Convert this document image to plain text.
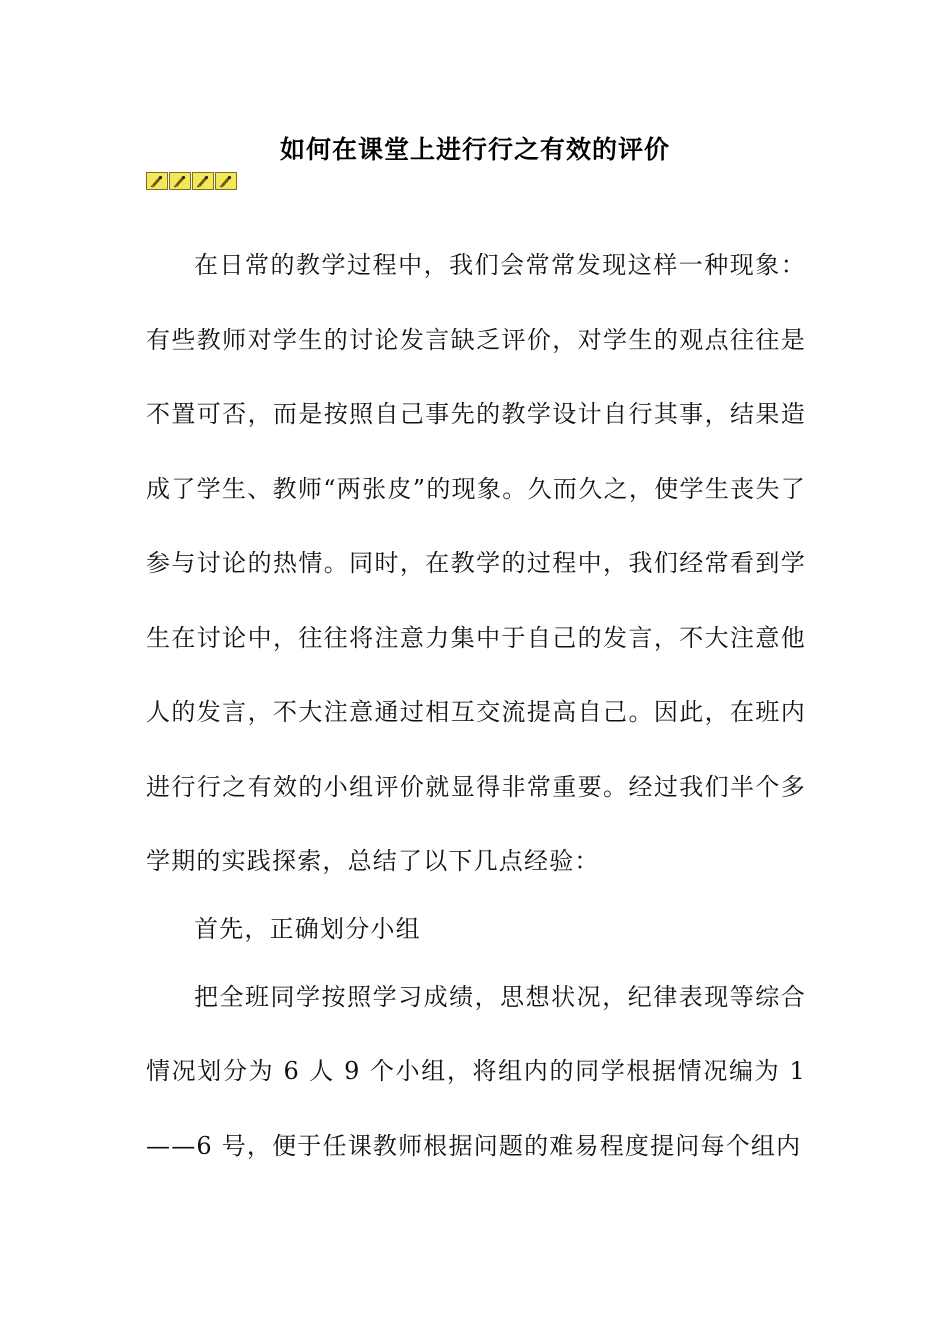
如何在课堂上进行行之有效的评价

在日常的教学过程中，我们会常常发现这样一种现象：有些教师对学生的讨论发言缺乏评价，对学生的观点往往是不置可否，而是按照自己事先的教学设计自行其事，结果造成了学生、教师“两张皮”的现象。久而久之，使学生丧失了参与讨论的热情。同时，在教学的过程中，我们经常看到学生在讨论中，往往将注意力集中于自己的发言，不大注意他人的发言，不大注意通过相互交流提高自己。因此，在班内进行行之有效的小组评价就显得非常重要。经过我们半个多学期的实践探索，总结了以下几点经验：

首先，正确划分小组

把全班同学按照学习成绩，思想状况，纪律表现等综合情况划分为 6 人 9 个小组，将组内的同学根据情况编为 1——6 号，便于任课教师根据问题的难易程度提问每个组内
